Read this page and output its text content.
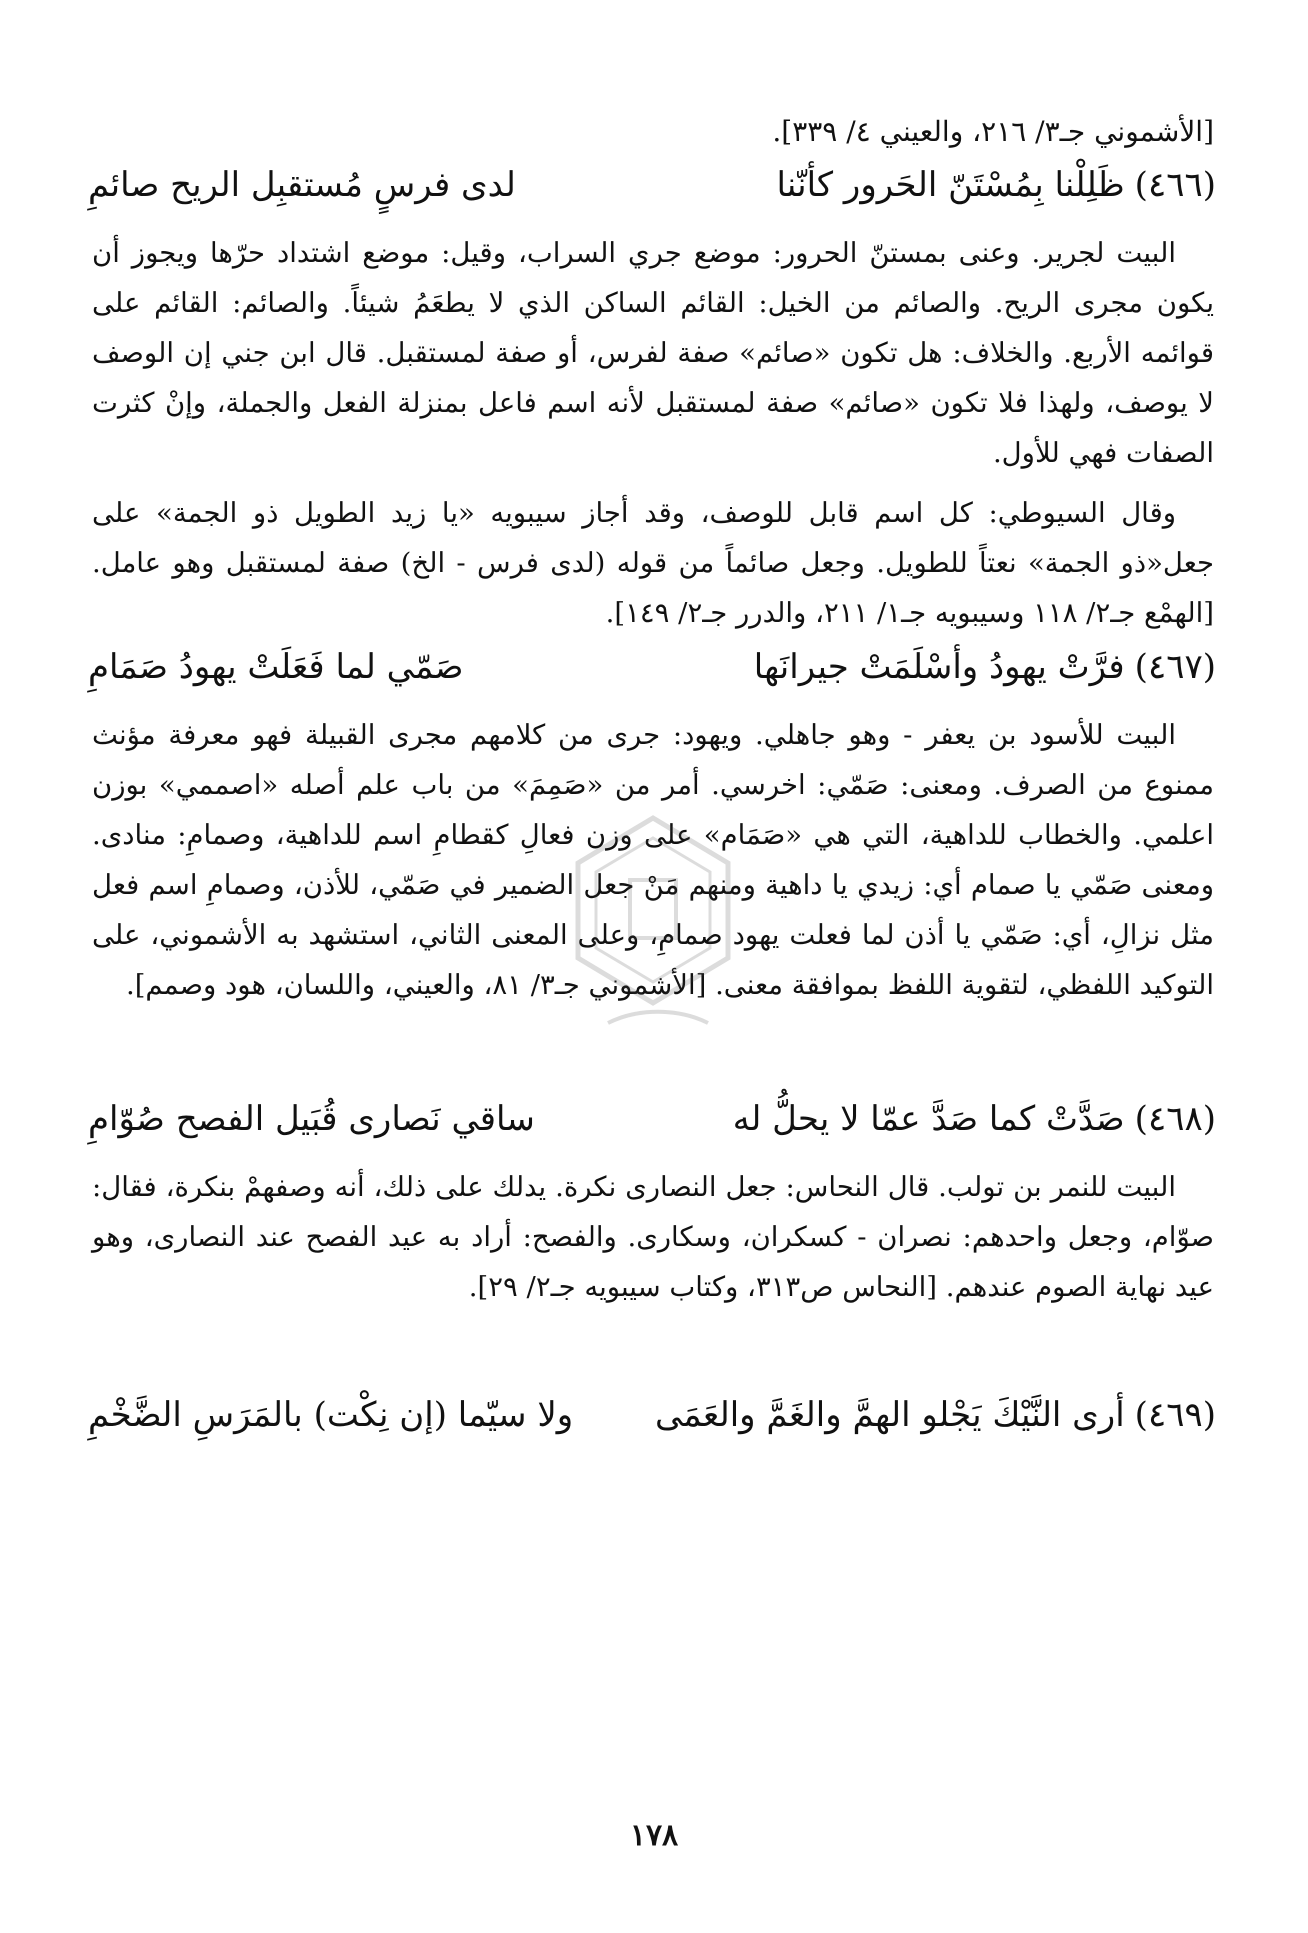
[الأشموني جـ٣/ ٢١٦، والعيني ٤/ ٣٣٩].
(٤٦٦)ظَلِلْنا بِمُسْتَنّ الحَرور كأنّنا
لدى فرسٍ مُستقبِل الريح صائمِ

البيت لجرير. وعنى بمستنّ الحرور: موضع جري السراب، وقيل: موضع اشتداد حرّها ويجوز أن يكون مجرى الريح. والصائم من الخيل: القائم الساكن الذي لا يطعَمُ شيئاً. والصائم: القائم على قوائمه الأربع. والخلاف: هل تكون «صائم» صفة لفرس، أو صفة لمستقبل. قال ابن جني إن الوصف لا يوصف، ولهذا فلا تكون «صائم» صفة لمستقبل لأنه اسم فاعل بمنزلة الفعل والجملة، وإنْ كثرت الصفات فهي للأول.

وقال السيوطي: كل اسم قابل للوصف، وقد أجاز سيبويه «يا زيد الطويل ذو الجمة» على جعل«ذو الجمة» نعتاً للطويل. وجعل صائماً من قوله (لدى فرس - الخ) صفة لمستقبل وهو عامل. [الهمْع جـ٢/ ١١٨ وسيبويه جـ١/ ٢١١، والدرر جـ٢/ ١٤٩].

(٤٦٧)فرَّتْ يهودُ وأسْلَمَتْ جيرانَها
صَمّي لما فَعَلَتْ يهودُ صَمَامِ

البيت للأسود بن يعفر - وهو جاهلي. ويهود: جرى من كلامهم مجرى القبيلة فهو معرفة مؤنث ممنوع من الصرف. ومعنى: صَمّي: اخرسي. أمر من «صَمِمَ» من باب علم أصله «اصممي» بوزن اعلمي. والخطاب للداهية، التي هي «صَمَام» على وزن فعالِ كقطامِ اسم للداهية، وصمامِ: منادى. ومعنى صَمّي يا صمام أي: زيدي يا داهية ومنهم مَنْ جعل الضمير في صَمّي، للأذن، وصمامِ اسم فعل مثل نزالِ، أي: صَمّي يا أذن لما فعلت يهود صمامِ، وعلى المعنى الثاني، استشهد به الأشموني، على التوكيد اللفظي، لتقوية اللفظ بموافقة معنى. [الأشموني جـ٣/ ٨١، والعيني، واللسان، هود وصمم].

(٤٦٨)صَدَّتْ كما صَدَّ عمّا لا يحلُّ له
ساقي نَصارى قُبَيل الفصح صُوّامِ

البيت للنمر بن تولب. قال النحاس: جعل النصارى نكرة. يدلك على ذلك، أنه وصفهمْ بنكرة، فقال: صوّام، وجعل واحدهم: نصران - كسكران، وسكارى. والفصح: أراد به عيد الفصح عند النصارى، وهو عيد نهاية الصوم عندهم. [النحاس ص٣١٣، وكتاب سيبويه جـ٢/ ٢٩].

(٤٦٩)أرى النَّيْكَ يَجْلو الهمَّ والغَمَّ والعَمَى
ولا سيّما (إن نِكْت) بالمَرَسِ الضَّخْمِ
١٧٨
